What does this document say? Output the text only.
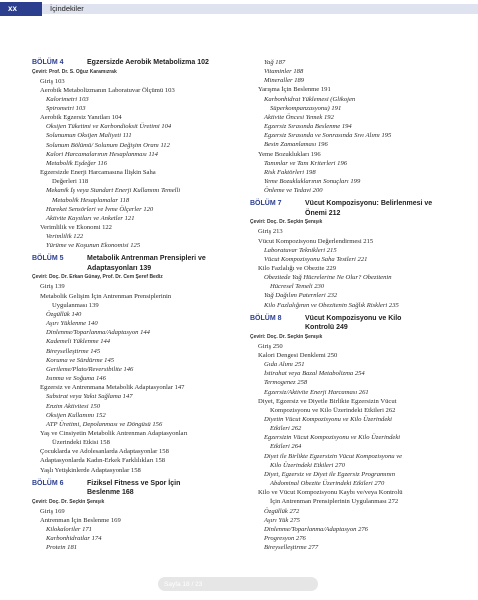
xx	İçindekiler
BÖLÜM 4	Egzersizde Aerobik Metabolizma 102
Çeviri: Prof. Dr. S. Oğuz Karamızrak
Giriş 103
Aerobik Metabolizmanın Laboratuvar Ölçümü 103
Kalorimetri 103
Spirometri 103
Aerobik Egzersiz Yanıtları 104
Oksijen Tüketimi ve Karbondioksit Üretimi 104
Solunumun Oksijen Maliyeti 111
Solunum Bölümü/ Solunum Değişim Oranı 112
Kalori Harcamalarının Hesaplanması 114
Metabolik Eşdeğer 116
Egzersizde Enerji Harcamasına İlişkin Saha
Değerleri 118
Mekanik İş veya Standart Enerji Kullanımı Temelli
Metabolik Hesaplamalar 118
Hareket Sensörleri ve İvme Ölçerler 120
Aktivite Kayıtları ve Anketler 121
Verimlilik ve Ekonomi 122
Verimlilik 122
Yürüme ve Koşunun Ekonomisi 125
BÖLÜM 5	Metabolik Antrenman Prensipleri ve
Adaptasyonları 139
Çeviri: Doç. Dr. Erkan Günay, Prof. Dr. Cem Şeref Bediz
Giriş 139
Metabolik Gelişim İçin Antrenman Prensiplerinin
Uygulanması 139
Özgüllük 140
Aşırı Yüklenme 140
Dinlenme/Toparlanma/Adaptasyon 144
Kademeli Yüklenme 144
Bireyselleştirme 145
Koruma ve Sürdürme 145
Gerileme/Plato/Reversibilite 146
Isınma ve Soğuma 146
Egzersiz ve Antrenmana Metabolik Adaptasyonlar 147
Substrat veya Yakıt Sağlama 147
Enzim Aktivitesi 150
Oksijen Kullanımı 152
ATP Üretimi, Depolanması ve Döngüsü 156
Yaş ve Cinsiyetin Metabolik Antrenman Adaptasyonları
Üzerindeki Etkisi 158
Çocuklarda ve Adolesanlarda Adaptasyonlar 158
Adaptasyonlarda Kadın-Erkek Farklılıkları 158
Yaşlı Yetişkinlerde Adaptasyonlar 158
BÖLÜM 6	Fiziksel Fitness ve Spor İçin
Beslenme 168
Çeviri: Doç. Dr. Seçkin Şenışık
Giriş 169
Antrenman İçin Beslenme 169
Kilokaloriler 171
Karbonhidratlar 174
Protein 181
Yağ 187
Vitaminler 188
Mineraller 189
Yarışma İçin Beslenme 191
Karbonhidrat Yüklemesi (Glikojen
Süperkompanzasyonu) 191
Aktivite Öncesi Yemek 192
Egzersiz Sırasında Beslenme 194
Egzersiz Sırasında ve Sonrasında Sıvı Alımı 195
Besin Zamanlaması 196
Yeme Bozuklukları 196
Tanımlar ve Tanı Kriterleri 196
Risk Faktörleri 198
Yeme Bozukluklarının Sonuçları 199
Önleme ve Tedavi 200
BÖLÜM 7	Vücut Kompozisyonu: Belirlenmesi ve
Önemi 212
Çeviri: Doç. Dr. Seçkin Şenışık
Giriş 213
Vücut Kompozisyonu Değerlendirmesi 215
Laboratuvar Teknikleri 215
Vücut Kompozisyonu Saha Testleri 221
Kilo Fazlalığı ve Obezite 229
Obezitede Yağ Hücrelerine Ne Olur? Obezitenin
Hücresel Temeli 230
Yağ Dağılım Paternleri 232
Kilo Fazlalığının ve Obezitenin Sağlık Riskleri 235
BÖLÜM 8	Vücut Kompozisyonu ve Kilo
Kontrolü 249
Çeviri: Doç. Dr. Seçkin Şenışık
Giriş 250
Kalori Dengesi Denklemi 250
Gıda Alımı 251
İstirahat veya Bazal Metabolizma 254
Termogenez 258
Egzersiz/Aktivite Enerji Harcaması 261
Diyet, Egzersiz ve Diyetle Birlikte Egzersizin Vücut
Kompozisyonu ve Kilo Üzerindeki Etkileri 262
Diyetin Vücut Kompozisyonu ve Kilo Üzerindeki
Etkileri 262
Egzersizin Vücut Kompozisyonu ve Kilo Üzerindeki
Etkileri 264
Diyet ile Birlikte Egzersizin Vücut Kompozisyonu ve
Kilo Üzerindeki Etkileri 270
Diyet, Egzersiz ve Diyet ile Egzersiz Programının
Abdominal Obezite Üzerindeki Etkileri 270
Kilo ve Vücut Kompozisyonu Kaybı ve/veya Kontrolü
İçin Antrenman Prensiplerinin Uygulanması 272
Özgüllük 272
Aşırı Yük 275
Dinlenme/Toparlanma/Adaptasyon 276
Progresyon 276
Bireyselleştirme 277
Sayfa 18 / 23
